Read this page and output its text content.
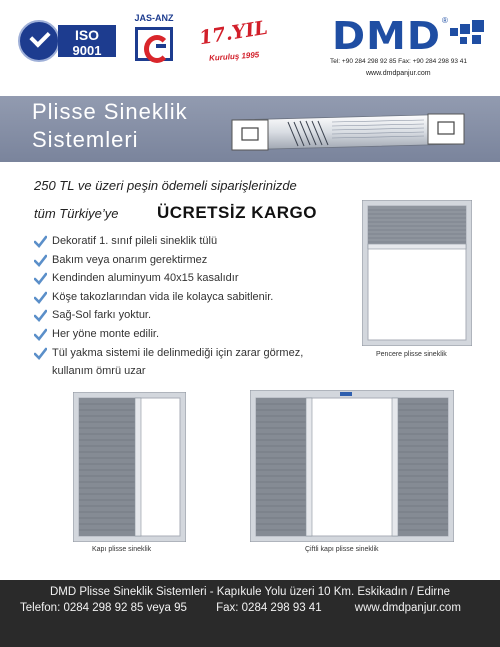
ISO
9001
JAS-ANZ	17.YIL
Kuruluş 1995 DMD ®
Tel: +90 284 298 92 85 Fax: +90 284 298 93 41
www.dmdpanjur.com
Plisse Sineklik
Sistemleri
250 TL ve üzeri peşin ödemeli siparişlerinizde
tüm Türkiye’ye ÜCRETSİZ KARGO
Dekoratif 1. sınıf pileli sineklik tülü
Bakım veya onarım gerektirmez
Kendinden aluminyum 40x15 kasalıdır
Köşe takozlarından vida ile kolayca sabitlenir.
Sağ-Sol farkı yoktur.
Her yöne monte edilir.
Tül yakma sistemi ile delinmediği için zarar görmez,
kullanım ömrü uzar
Pencere plisse sineklik
Kapı plisse sineklik	Çiftli kapı plisse sineklik
DMD Plisse Sineklik Sistemleri - Kapıkule Yolu üzeri 10 Km. Eskikadın / Edirne
Telefon: 0284 298 92 85 veya 95	Fax: 0284 298 93 41	www.dmdpanjur.com
